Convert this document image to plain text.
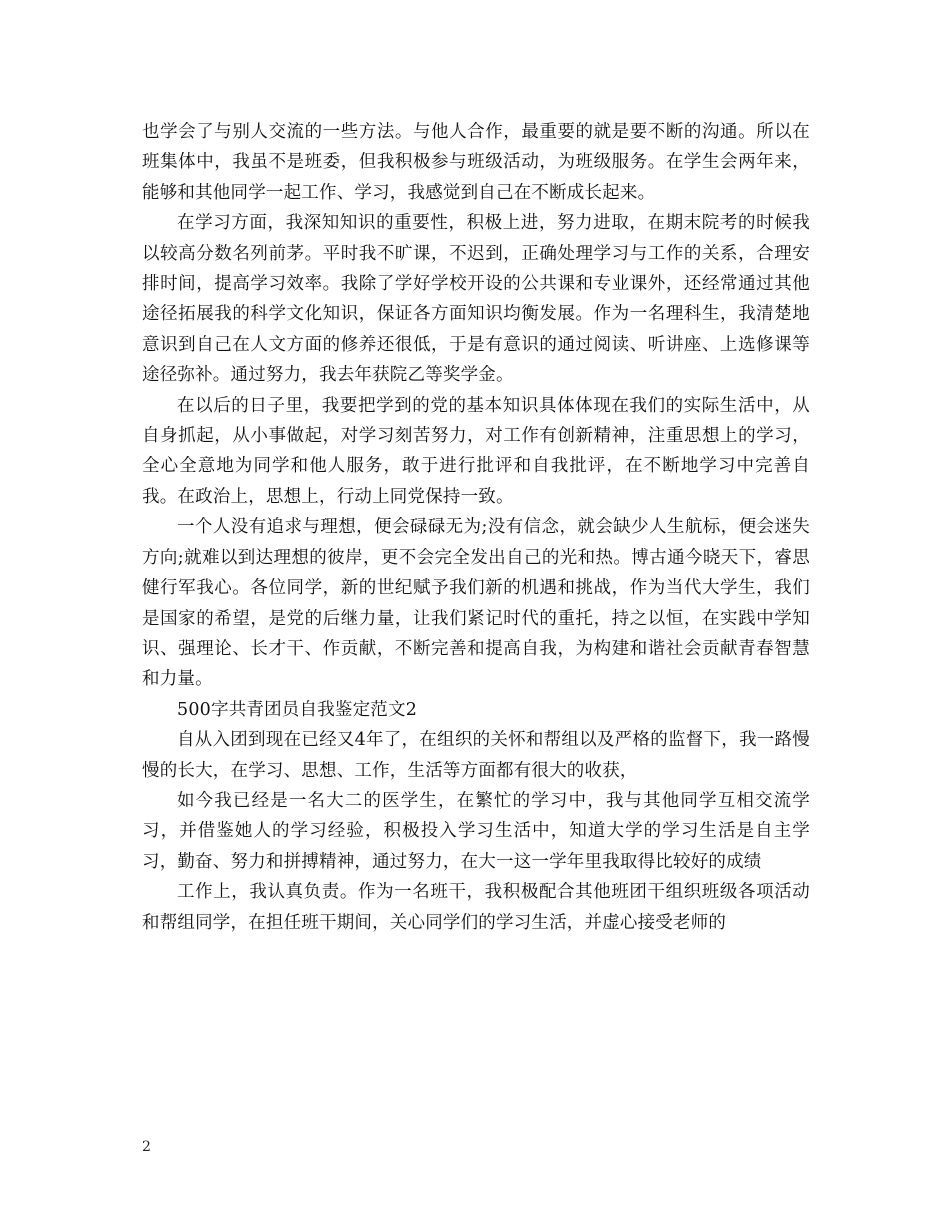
也学会了与别人交流的一些方法。与他人合作，最重要的就是要不断的沟通。所以在班集体中，我虽不是班委，但我积极参与班级活动，为班级服务。在学生会两年来，能够和其他同学一起工作、学习，我感觉到自己在不断成长起来。

在学习方面，我深知知识的重要性，积极上进，努力进取，在期末院考的时候我以较高分数名列前茅。平时我不旷课，不迟到，正确处理学习与工作的关系，合理安排时间，提高学习效率。我除了学好学校开设的公共课和专业课外，还经常通过其他途径拓展我的科学文化知识，保证各方面知识均衡发展。作为一名理科生，我清楚地意识到自己在人文方面的修养还很低，于是有意识的通过阅读、听讲座、上选修课等途径弥补。通过努力，我去年获院乙等奖学金。

在以后的日子里，我要把学到的党的基本知识具体体现在我们的实际生活中，从自身抓起，从小事做起，对学习刻苦努力，对工作有创新精神，注重思想上的学习，全心全意地为同学和他人服务，敢于进行批评和自我批评，在不断地学习中完善自我。在政治上，思想上，行动上同党保持一致。

一个人没有追求与理想，便会碌碌无为;没有信念，就会缺少人生航标，便会迷失方向;就难以到达理想的彼岸，更不会完全发出自己的光和热。博古通今晓天下，睿思健行军我心。各位同学，新的世纪赋予我们新的机遇和挑战，作为当代大学生，我们是国家的希望，是党的后继力量，让我们紧记时代的重托，持之以恒，在实践中学知识、强理论、长才干、作贡献，不断完善和提高自我，为构建和谐社会贡献青春智慧和力量。

500字共青团员自我鉴定范文2

自从入团到现在已经又4年了，在组织的关怀和帮组以及严格的监督下，我一路慢慢的长大，在学习、思想、工作，生活等方面都有很大的收获，

如今我已经是一名大二的医学生，在繁忙的学习中，我与其他同学互相交流学习，并借鉴她人的学习经验，积极投入学习生活中，知道大学的学习生活是自主学习，勤奋、努力和拼搏精神，通过努力，在大一这一学年里我取得比较好的成绩

工作上，我认真负责。作为一名班干，我积极配合其他班团干组织班级各项活动和帮组同学，在担任班干期间，关心同学们的学习生活，并虚心接受老师的

2
